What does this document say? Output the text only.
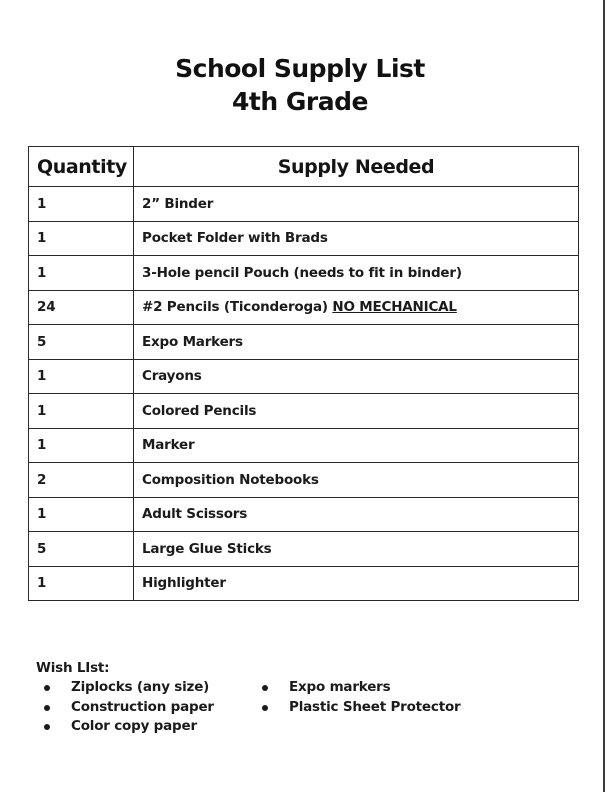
School Supply List
4th Grade
Quantity	Supply Needed
1	2” Binder
1	Pocket Folder with Brads
1	3-Hole pencil Pouch (needs to fit in binder)
24	#2 Pencils (Ticonderoga) NO MECHANICAL
5	Expo Markers
1	Crayons
1	Colored Pencils
1	Marker
2	Composition Notebooks
1	Adult Scissors
5	Large Glue Sticks
1	Highlighter
Wish LIst:
Ziplocks (any size)
Construction paper
Color copy paper
Expo markers
Plastic Sheet Protector
